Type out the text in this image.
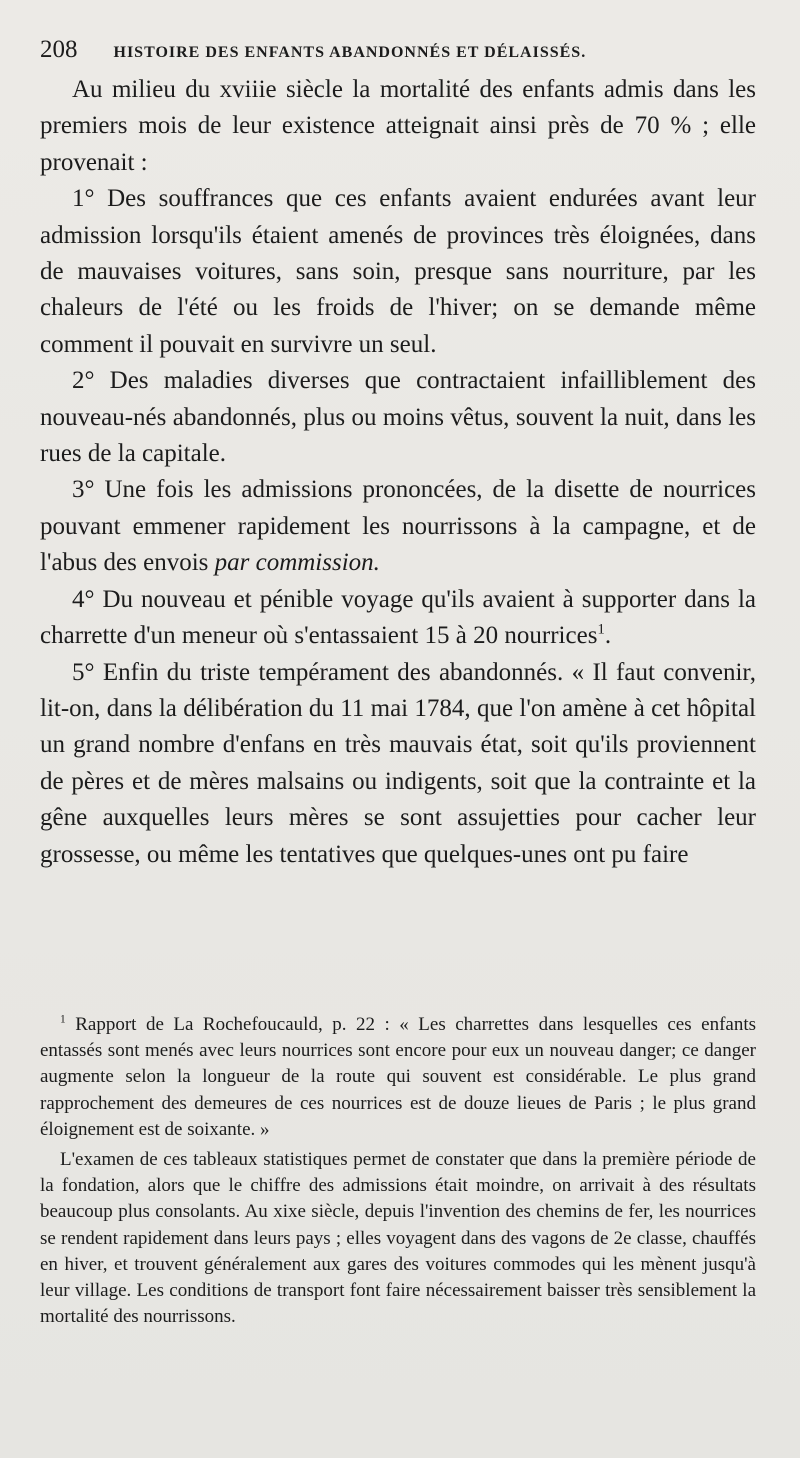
208 HISTOIRE DES ENFANTS ABANDONNÉS ET DÉLAISSÉS.

Au milieu du xviiie siècle la mortalité des enfants admis dans les premiers mois de leur existence atteignait ainsi près de 70 % ; elle provenait :

1° Des souffrances que ces enfants avaient endurées avant leur admission lorsqu'ils étaient amenés de provinces très éloignées, dans de mauvaises voitures, sans soin, presque sans nourriture, par les chaleurs de l'été ou les froids de l'hiver; on se demande même comment il pouvait en survivre un seul.

2° Des maladies diverses que contractaient infailliblement des nouveau-nés abandonnés, plus ou moins vêtus, souvent la nuit, dans les rues de la capitale.

3° Une fois les admissions prononcées, de la disette de nourrices pouvant emmener rapidement les nourrissons à la campagne, et de l'abus des envois par commission.

4° Du nouveau et pénible voyage qu'ils avaient à supporter dans la charrette d'un meneur où s'entassaient 15 à 20 nourrices$^1$.

5° Enfin du triste tempérament des abandonnés. « Il faut convenir, lit-on, dans la délibération du 11 mai 1784, que l'on amène à cet hôpital un grand nombre d'enfans en très mauvais état, soit qu'ils proviennent de pères et de mères malsains ou indigents, soit que la contrainte et la gêne auxquelles leurs mères se sont assujetties pour cacher leur grossesse, ou même les tentatives que quelques-unes ont pu faire

$^1$ Rapport de La Rochefoucauld, p. 22 : « Les charrettes dans lesquelles ces enfants entassés sont menés avec leurs nourrices sont encore pour eux un nouveau danger; ce danger augmente selon la longueur de la route qui souvent est considérable. Le plus grand rapprochement des demeures de ces nourrices est de douze lieues de Paris ; le plus grand éloignement est de soixante. »

L'examen de ces tableaux statistiques permet de constater que dans la première période de la fondation, alors que le chiffre des admissions était moindre, on arrivait à des résultats beaucoup plus consolants. Au xixe siècle, depuis l'invention des chemins de fer, les nourrices se rendent rapidement dans leurs pays ; elles voyagent dans des vagons de 2e classe, chauffés en hiver, et trouvent généralement aux gares des voitures commodes qui les mènent jusqu'à leur village. Les conditions de transport font faire nécessairement baisser très sensiblement la mortalité des nourrissons.
